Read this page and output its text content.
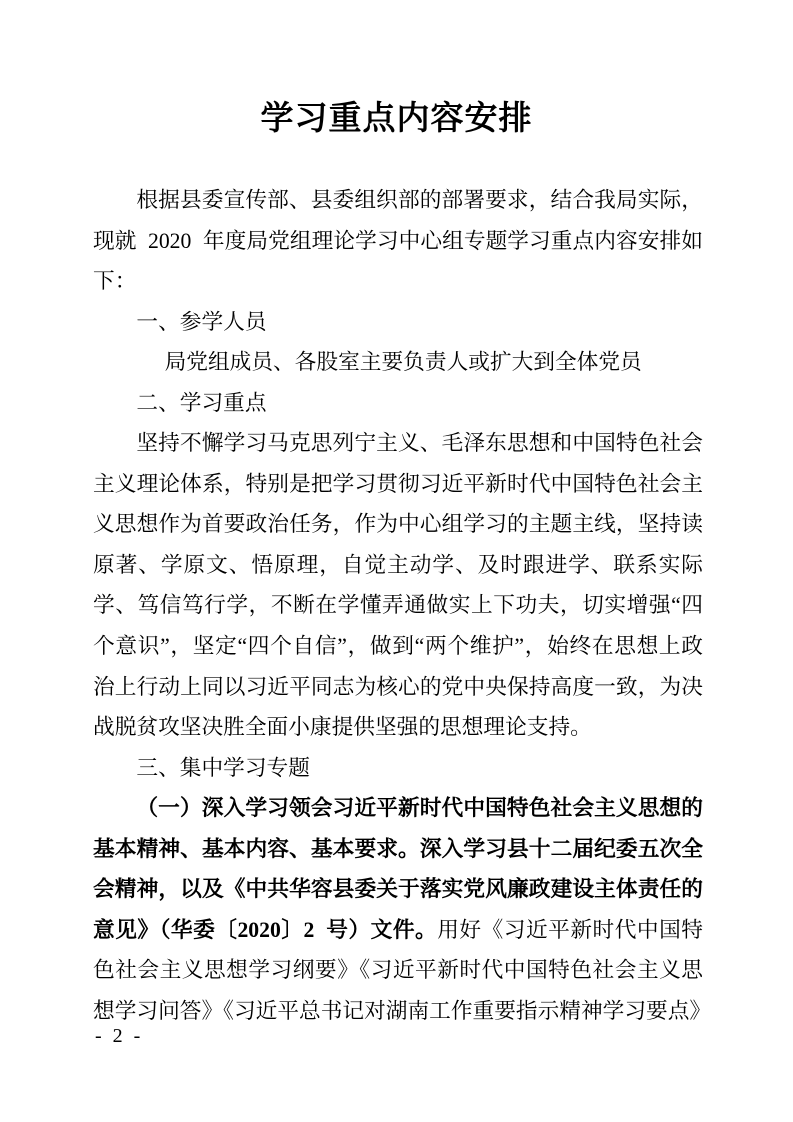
学习重点内容安排

根据县委宣传部、县委组织部的部署要求，结合我局实际，现就 2020 年度局党组理论学习中心组专题学习重点内容安排如下：

一、参学人员

局党组成员、各股室主要负责人或扩大到全体党员

二、学习重点

坚持不懈学习马克思列宁主义、毛泽东思想和中国特色社会主义理论体系，特别是把学习贯彻习近平新时代中国特色社会主义思想作为首要政治任务，作为中心组学习的主题主线，坚持读原著、学原文、悟原理，自觉主动学、及时跟进学、联系实际学、笃信笃行学，不断在学懂弄通做实上下功夫，切实增强“四个意识”，坚定“四个自信”，做到“两个维护”，始终在思想上政治上行动上同以习近平同志为核心的党中央保持高度一致，为决战脱贫攻坚决胜全面小康提供坚强的思想理论支持。

三、集中学习专题

（一）深入学习领会习近平新时代中国特色社会主义思想的基本精神、基本内容、基本要求。深入学习县十二届纪委五次全会精神，以及《中共华容县委关于落实党风廉政建设主体责任的意见》（华委〔2020〕2 号）文件。用好《习近平新时代中国特色社会主义思想学习纲要》《习近平新时代中国特色社会主义思想学习问答》《习近平总书记对湖南工作重要指示精神学习要点》

- 2 -
